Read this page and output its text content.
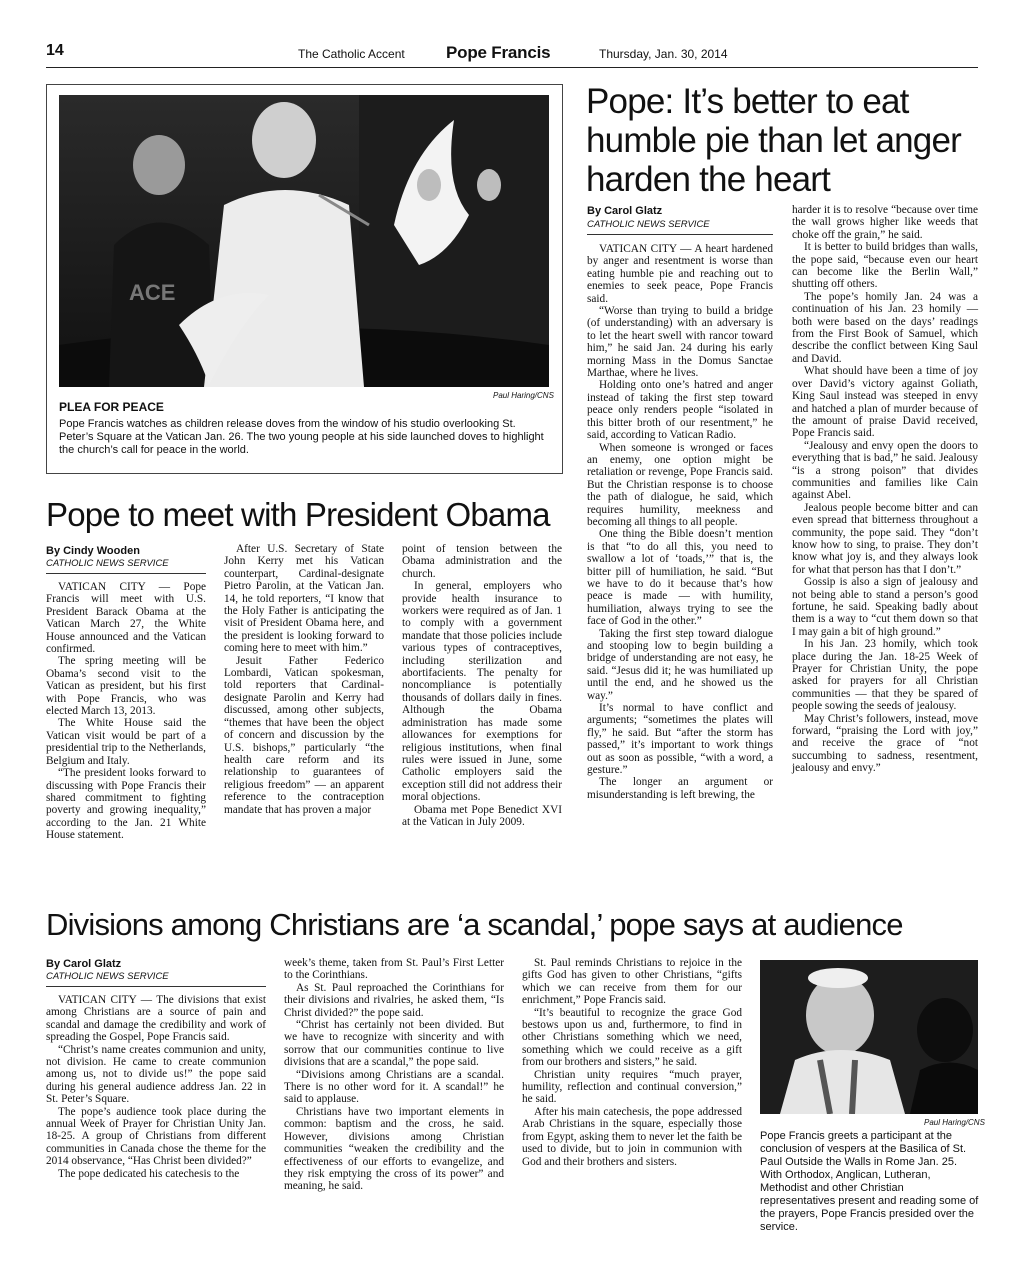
14	The Catholic Accent Pope Francis	Thursday, Jan. 30, 2014
ACE
Paul Haring/CNS
PLEA FOR PEACE
Pope Francis watches as children release doves from the window of his studio overlooking St. Peter’s Square at the Vatican Jan. 26. The two young people at his side launched doves to highlight the church’s call for peace in the world.
Pope: It’s better to eat humble pie than let anger harden the heart
By Carol Glatz
CATHOLIC NEWS SERVICE

VATICAN CITY — A heart hardened by anger and resentment is worse than eating humble pie and reaching out to enemies to seek peace, Pope Francis said.

“Worse than trying to build a bridge (of understanding) with an adversary is to let the heart swell with rancor toward him,” he said Jan. 24 during his early morning Mass in the Domus Sanctae Marthae, where he lives.

Holding onto one’s hatred and anger instead of taking the first step toward peace only renders people “isolated in this bitter broth of our resentment,” he said, according to Vatican Radio.

When someone is wronged or faces an enemy, one option might be retaliation or revenge, Pope Francis said. But the Christian response is to choose the path of dialogue, he said, which requires humility, meekness and becoming all things to all people.

One thing the Bible doesn’t mention is that “to do all this, you need to swallow a lot of ‘toads,’” that is, the bitter pill of humiliation, he said. “But we have to do it because that’s how peace is made — with humility, humiliation, always trying to see the face of God in the other.”

Taking the first step toward dialogue and stooping low to begin building a bridge of understanding are not easy, he said. “Jesus did it; he was humiliated up until the end, and he showed us the way.”

It’s normal to have conflict and arguments; “sometimes the plates will fly,” he said. But “after the storm has passed,” it’s important to work things out as soon as possible, “with a word, a gesture.”

The longer an argument or misunderstanding is left brewing, the

harder it is to resolve “because over time the wall grows higher like weeds that choke off the grain,” he said.

It is better to build bridges than walls, the pope said, “because even our heart can become like the Berlin Wall,” shutting off others.

The pope’s homily Jan. 24 was a continuation of his Jan. 23 homily — both were based on the days’ readings from the First Book of Samuel, which describe the conflict between King Saul and David.

What should have been a time of joy over David’s victory against Goliath, King Saul instead was steeped in envy and hatched a plan of murder because of the amount of praise David received, Pope Francis said.

“Jealousy and envy open the doors to everything that is bad,” he said. Jealousy “is a strong poison” that divides communities and families like Cain against Abel.

Jealous people become bitter and can even spread that bitterness throughout a community, the pope said. They “don’t know how to sing, to praise. They don’t know what joy is, and they always look for what that person has that I don’t.”

Gossip is also a sign of jealousy and not being able to stand a person’s good fortune, he said. Speaking badly about them is a way to “cut them down so that I may gain a bit of high ground.”

In his Jan. 23 homily, which took place during the Jan. 18-25 Week of Prayer for Christian Unity, the pope asked for prayers for all Christian communities — that they be spared of people sowing the seeds of jealousy.

May Christ’s followers, instead, move forward, “praising the Lord with joy,” and receive the grace of “not succumbing to sadness, resentment, jealousy and envy.”

Pope to meet with President Obama
By Cindy Wooden
CATHOLIC NEWS SERVICE

VATICAN CITY — Pope Francis will meet with U.S. President Barack Obama at the Vatican March 27, the White House announced and the Vatican confirmed.

The spring meeting will be Obama’s second visit to the Vatican as president, but his first with Pope Francis, who was elected March 13, 2013.

The White House said the Vatican visit would be part of a presidential trip to the Netherlands, Belgium and Italy.

“The president looks forward to discussing with Pope Francis their shared commitment to fighting poverty and growing inequality,” according to the Jan. 21 White House statement.

After U.S. Secretary of State John Kerry met his Vatican counterpart, Cardinal-designate Pietro Parolin, at the Vatican Jan. 14, he told reporters, “I know that the Holy Father is anticipating the visit of President Obama here, and the president is looking forward to coming here to meet with him.”

Jesuit Father Federico Lombardi, Vatican spokesman, told reporters that Cardinal-designate Parolin and Kerry had discussed, among other subjects, “themes that have been the object of concern and discussion by the U.S. bishops,” particularly “the health care reform and its relationship to guarantees of religious freedom” — an apparent reference to the contraception mandate that has proven a major

point of tension between the Obama administration and the church.

In general, employers who provide health insurance to workers were required as of Jan. 1 to comply with a government mandate that those policies include various types of contraceptives, including sterilization and abortifacients. The penalty for noncompliance is potentially thousands of dollars daily in fines. Although the Obama administration has made some allowances for exemptions for religious institutions, when final rules were issued in June, some Catholic employers said the exception still did not address their moral objections.

Obama met Pope Benedict XVI at the Vatican in July 2009.

Divisions among Christians are ‘a scandal,’ pope says at audience
By Carol Glatz
CATHOLIC NEWS SERVICE

VATICAN CITY — The divisions that exist among Christians are a source of pain and scandal and damage the credibility and work of spreading the Gospel, Pope Francis said.

“Christ’s name creates communion and unity, not division. He came to create communion among us, not to divide us!” the pope said during his general audience address Jan. 22 in St. Peter’s Square.

The pope’s audience took place during the annual Week of Prayer for Christian Unity Jan. 18-25. A group of Christians from different communities in Canada chose the theme for the 2014 observance, “Has Christ been divided?”

The pope dedicated his catechesis to the

week’s theme, taken from St. Paul’s First Letter to the Corinthians.

As St. Paul reproached the Corinthians for their divisions and rivalries, he asked them, “Is Christ divided?” the pope said.

“Christ has certainly not been divided. But we have to recognize with sincerity and with sorrow that our communities continue to live divisions that are a scandal,” the pope said.

“Divisions among Christians are a scandal. There is no other word for it. A scandal!” he said to applause.

Christians have two important elements in common: baptism and the cross, he said. However, divisions among Christian communities “weaken the credibility and the effectiveness of our efforts to evangelize, and they risk emptying the cross of its power” and meaning, he said.

St. Paul reminds Christians to rejoice in the gifts God has given to other Christians, “gifts which we can receive from them for our enrichment,” Pope Francis said.

“It’s beautiful to recognize the grace God bestows upon us and, furthermore, to find in other Christians something which we need, something which we could receive as a gift from our brothers and sisters,” he said.

Christian unity requires “much prayer, humility, reflection and continual conversion,” he said.

After his main catechesis, the pope addressed Arab Christians in the square, especially those from Egypt, asking them to never let the faith be used to divide, but to join in communion with God and their brothers and sisters.

Paul Haring/CNS
Pope Francis greets a participant at the conclusion of vespers at the Basilica of St. Paul Outside the Walls in Rome Jan. 25. With Orthodox, Anglican, Lutheran, Methodist and other Christian representatives present and reading some of the prayers, Pope Francis presided over the service.
